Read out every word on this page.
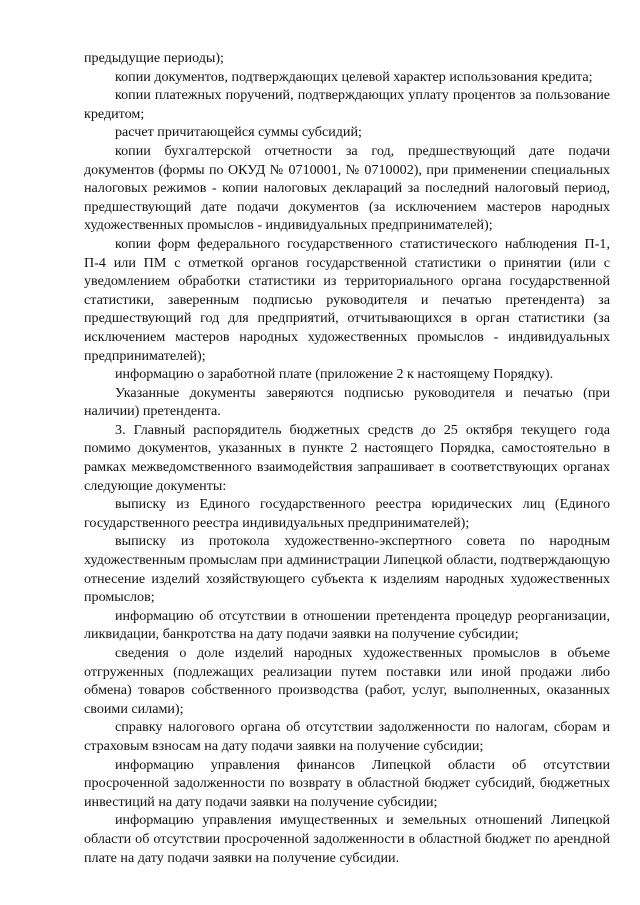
предыдущие периоды);

копии документов, подтверждающих целевой характер использования кредита;

копии платежных поручений, подтверждающих уплату процентов за пользование кредитом;

расчет причитающейся суммы субсидий;

копии бухгалтерской отчетности за год, предшествующий дате подачи документов (формы по ОКУД № 0710001, № 0710002), при применении специальных налоговых режимов - копии налоговых деклараций за последний налоговый период, предшествующий дате подачи документов (за исключением мастеров народных художественных промыслов - индивидуальных предпринимателей);

копии форм федерального государственного статистического наблюдения П-1, П-4 или ПМ с отметкой органов государственной статистики о принятии (или с уведомлением обработки статистики из территориального органа государственной статистики, заверенным подписью руководителя и печатью претендента) за предшествующий год для предприятий, отчитывающихся в орган статистики (за исключением мастеров народных художественных промыслов - индивидуальных предпринимателей);

информацию о заработной плате (приложение 2 к настоящему Порядку).

Указанные документы заверяются подписью руководителя и печатью (при наличии) претендента.

3. Главный распорядитель бюджетных средств до 25 октября текущего года помимо документов, указанных в пункте 2 настоящего Порядка, самостоятельно в рамках межведомственного взаимодействия запрашивает в соответствующих органах следующие документы:

выписку из Единого государственного реестра юридических лиц (Единого государственного реестра индивидуальных предпринимателей);

выписку из протокола художественно-экспертного совета по народным художественным промыслам при администрации Липецкой области, подтверждающую отнесение изделий хозяйствующего субъекта к изделиям народных художественных промыслов;

информацию об отсутствии в отношении претендента процедур реорганизации, ликвидации, банкротства на дату подачи заявки на получение субсидии;

сведения о доле изделий народных художественных промыслов в объеме отгруженных (подлежащих реализации путем поставки или иной продажи либо обмена) товаров собственного производства (работ, услуг, выполненных, оказанных своими силами);

справку налогового органа об отсутствии задолженности по налогам, сборам и страховым взносам на дату подачи заявки на получение субсидии;

информацию управления финансов Липецкой области об отсутствии просроченной задолженности по возврату в областной бюджет субсидий, бюджетных инвестиций на дату подачи заявки на получение субсидии;

информацию управления имущественных и земельных отношений Липецкой области об отсутствии просроченной задолженности в областной бюджет по арендной плате на дату подачи заявки на получение субсидии.
